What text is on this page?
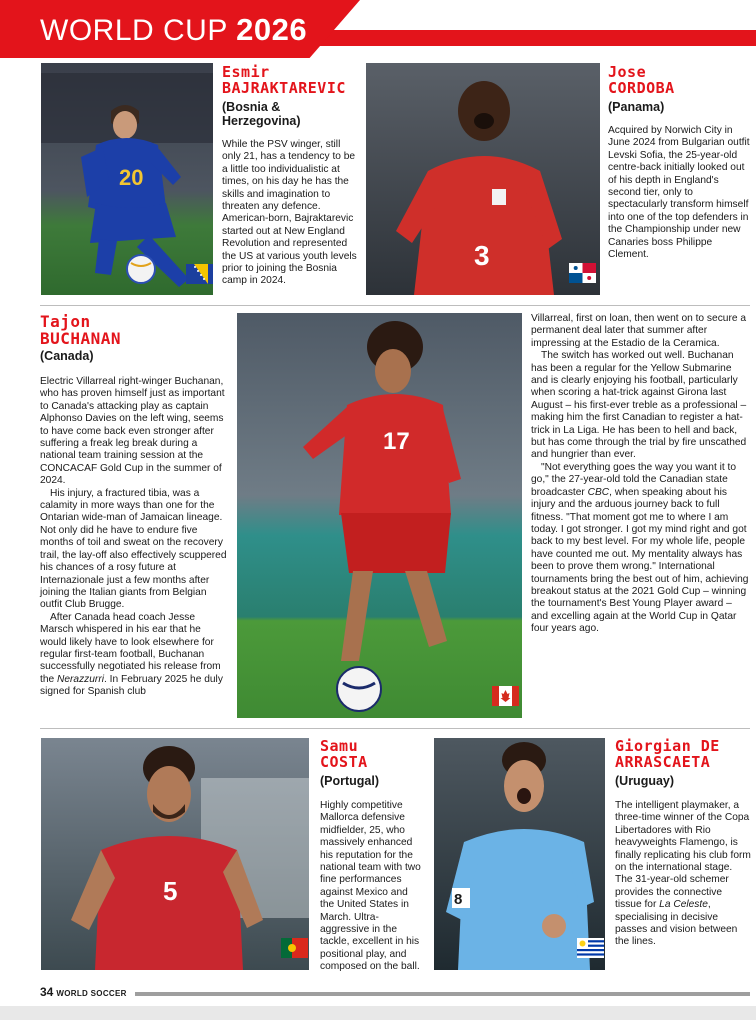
WORLD CUP 2026
20
Esmir
BAJRAKTAREVIC
(Bosnia &
Herzegovina)

While the PSV winger, still only 21, has a tendency to be a little too individualistic at times, on his day he has the skills and imagination to threaten any defence. American-born, Bajraktarevic started out at New England Revolution and represented the US at various youth levels prior to joining the Bosnia camp in 2024.

3
Jose
CORDOBA
(Panama)

Acquired by Norwich City in June 2024 from Bulgarian outfit Levski Sofia, the 25-year-old centre-back initially looked out of his depth in England's second tier, only to spectacularly transform himself into one of the top defenders in the Championship under new Canaries boss Philippe Clement.

Tajon
BUCHANAN
(Canada)

Electric Villarreal right-winger Buchanan, who has proven himself just as important to Canada's attacking play as captain Alphonso Davies on the left wing, seems to have come back even stronger after suffering a freak leg break during a national team training session at the CONCACAF Gold Cup in the summer of 2024.

His injury, a fractured tibia, was a calamity in more ways than one for the Ontarian wide-man of Jamaican lineage. Not only did he have to endure five months of toil and sweat on the recovery trail, the lay-off also effectively scuppered his chances of a rosy future at Internazionale just a few months after joining the Italian giants from Belgian outfit Club Brugge.

After Canada head coach Jesse Marsch whispered in his ear that he would likely have to look elsewhere for regular first-team football, Buchanan successfully negotiated his release from the Nerazzurri. In February 2025 he duly signed for Spanish club

17

Villarreal, first on loan, then went on to secure a permanent deal later that summer after impressing at the Estadio de la Ceramica.

The switch has worked out well. Buchanan has been a regular for the Yellow Submarine and is clearly enjoying his football, particularly when scoring a hat-trick against Girona last August – his first-ever treble as a professional – making him the first Canadian to register a hat-trick in La Liga. He has been to hell and back, but has come through the trial by fire unscathed and hungrier than ever.

"Not everything goes the way you want it to go," the 27-year-old told the Canadian state broadcaster CBC, when speaking about his injury and the arduous journey back to full fitness. "That moment got me to where I am today. I got stronger. I got my mind right and got back to my best level. For my whole life, people have counted me out. My mentality always has been to prove them wrong." International tournaments bring the best out of him, achieving breakout status at the 2021 Gold Cup – winning the tournament's Best Young Player award – and excelling again at the World Cup in Qatar four years ago.

5
Samu
COSTA
(Portugal)

Highly competitive Mallorca defensive midfielder, 25, who massively enhanced his reputation for the national team with two fine performances against Mexico and the United States in March. Ultra-aggressive in the tackle, excellent in his positional play, and composed on the ball.

8
Giorgian DE
ARRASCAETA
(Uruguay)

The intelligent playmaker, a three-time winner of the Copa Libertadores with Rio heavyweights Flamengo, is finally replicating his club form on the international stage. The 31-year-old schemer provides the connective tissue for La Celeste, specialising in decisive passes and vision between the lines.

34 WORLD SOCCER
